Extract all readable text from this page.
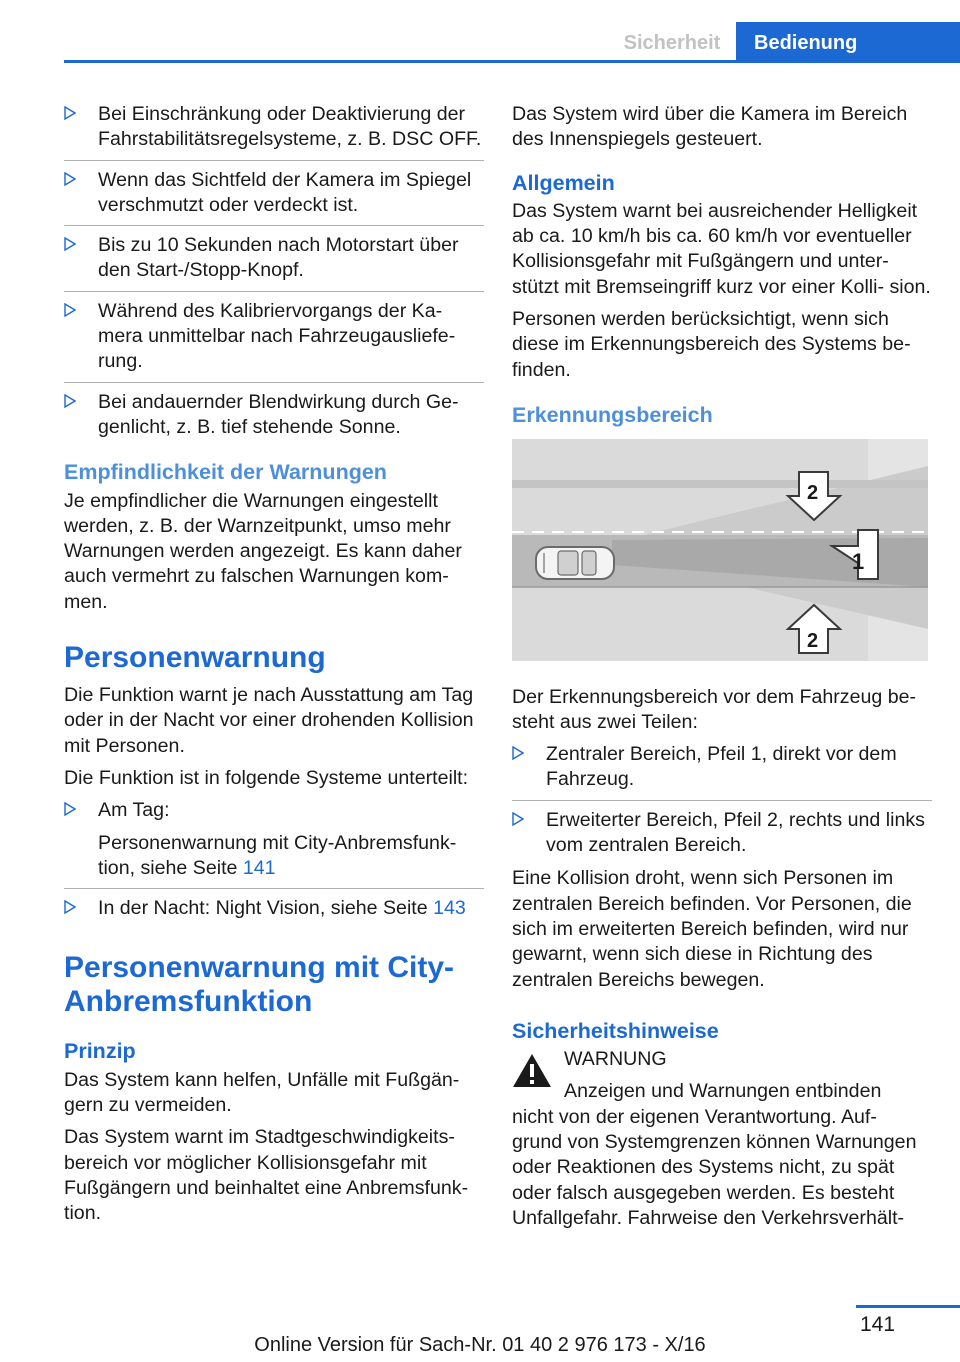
Sicherheit	Bedienung
Bei Einschränkung oder Deaktivierung der Fahrstabilitätsregelsysteme, z. B. DSC OFF.
Wenn das Sichtfeld der Kamera im Spiegel verschmutzt oder verdeckt ist.
Bis zu 10 Sekunden nach Motorstart über den Start-/Stopp-Knopf.
Während des Kalibriervorgangs der Ka‐ mera unmittelbar nach Fahrzeugausliefe‐ rung.
Bei andauernder Blendwirkung durch Ge‐ genlicht, z. B. tief stehende Sonne.
Empfindlichkeit der Warnungen

Je empfindlicher die Warnungen eingestellt werden, z. B. der Warnzeitpunkt, umso mehr Warnungen werden angezeigt. Es kann daher auch vermehrt zu falschen Warnungen kom‐ men.

Personenwarnung

Die Funktion warnt je nach Ausstattung am Tag oder in der Nacht vor einer drohenden Kollision mit Personen.

Die Funktion ist in folgende Systeme unterteilt:

Am Tag:
Personenwarnung mit City-Anbremsfunk‐ tion, siehe Seite 141
In der Nacht: Night Vision, siehe Seite 143
Personenwarnung mit City-Anbremsfunktion
Prinzip

Das System kann helfen, Unfälle mit Fußgän‐ gern zu vermeiden.

Das System warnt im Stadtgeschwindigkeits‐ bereich vor möglicher Kollisionsgefahr mit Fußgängern und beinhaltet eine Anbremsfunk‐ tion.

Das System wird über die Kamera im Bereich des Innenspiegels gesteuert.

Allgemein

Das System warnt bei ausreichender Helligkeit ab ca. 10 km/h bis ca. 60 km/h vor eventueller Kollisionsgefahr mit Fußgängern und unter‐ stützt mit Bremseingriff kurz vor einer Kolli‐ sion.

Personen werden berücksichtigt, wenn sich diese im Erkennungsbereich des Systems be‐ finden.

Erkennungsbereich
1
2
2

Der Erkennungsbereich vor dem Fahrzeug be‐ steht aus zwei Teilen:

Zentraler Bereich, Pfeil 1, direkt vor dem Fahrzeug.
Erweiterter Bereich, Pfeil 2, rechts und links vom zentralen Bereich.

Eine Kollision droht, wenn sich Personen im zentralen Bereich befinden. Vor Personen, die sich im erweiterten Bereich befinden, wird nur gewarnt, wenn sich diese in Richtung des zentralen Bereichs bewegen.

Sicherheitshinweise
WARNUNG
Anzeigen und Warnungen entbinden
nicht von der eigenen Verantwortung. Auf‐ grund von Systemgrenzen können Warnungen oder Reaktionen des Systems nicht, zu spät oder falsch ausgegeben werden. Es besteht Unfallgefahr. Fahrweise den Verkehrsverhält‐
141
Online Version für Sach-Nr. 01 40 2 976 173 - X/16
